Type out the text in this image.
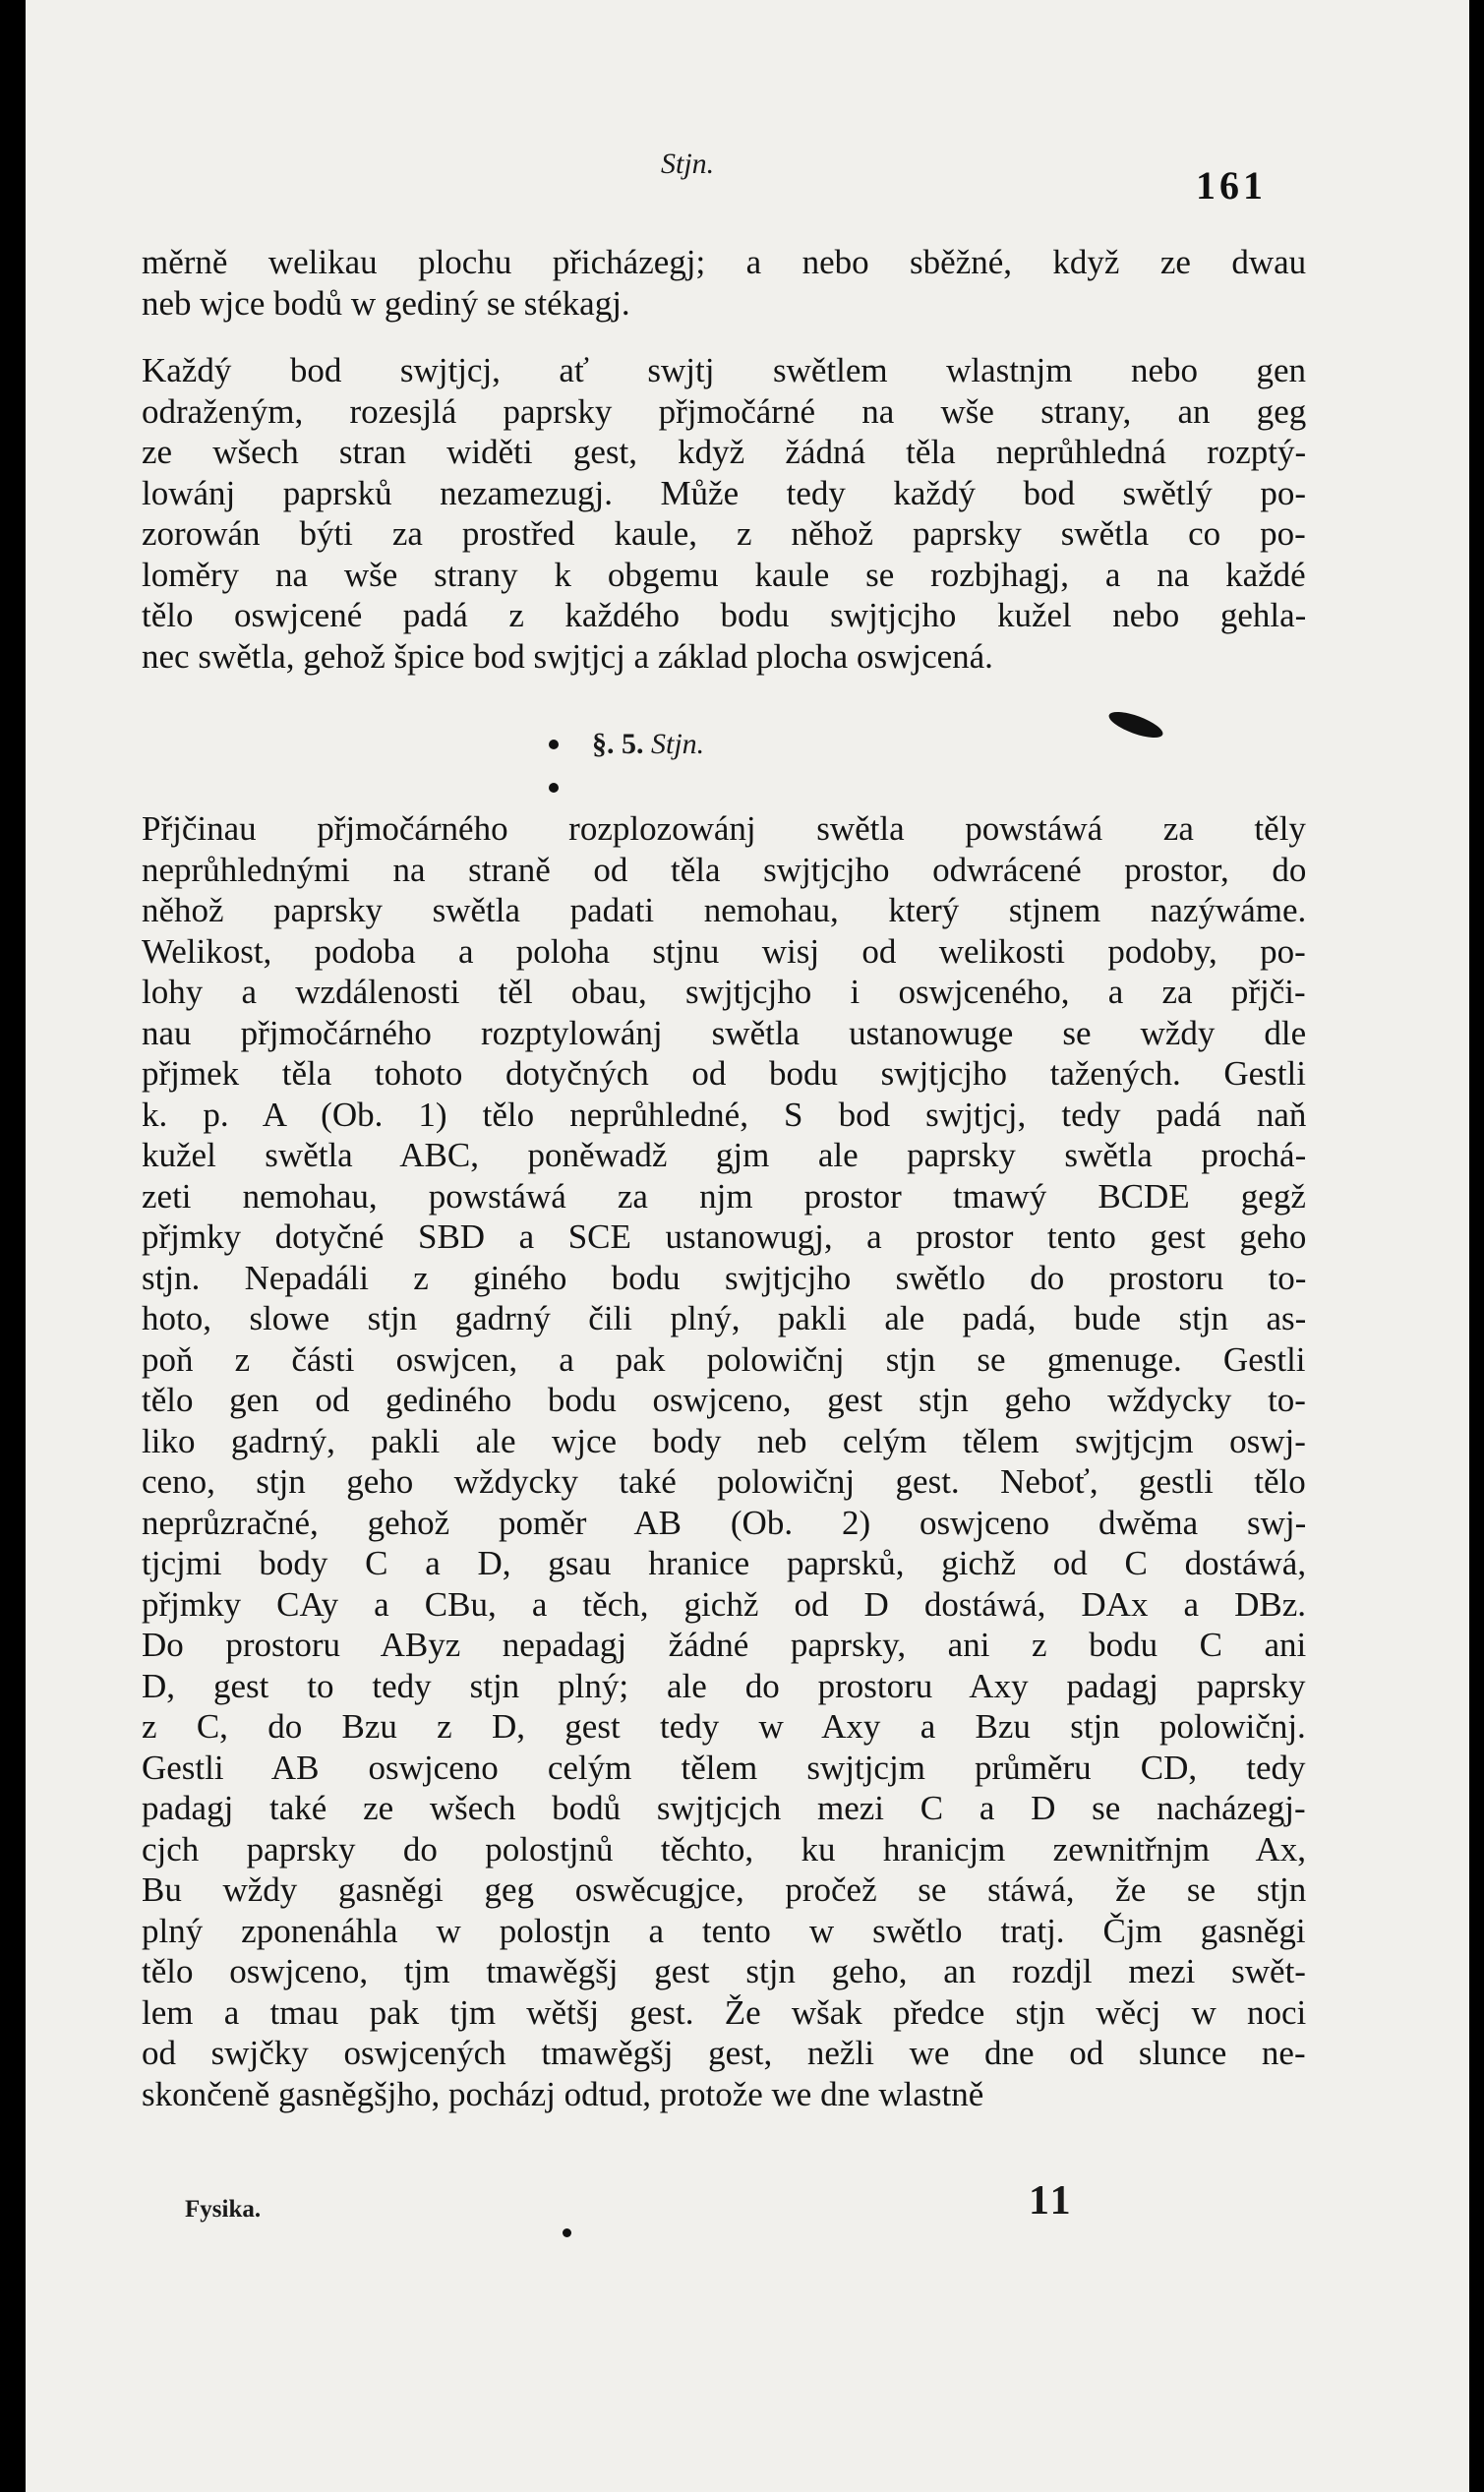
Stjn.	161
měrně welikau plochu přicházegj; a nebo sběžné, když ze dwau
neb wjce bodů w gediný se stékagj.
Každý bod swjtjcj, ať swjtj swětlem wlastnjm nebo gen
odraženým, rozesjlá paprsky přjmočárné na wše strany, an geg
ze wšech stran widěti gest, když žádná těla neprůhledná rozptý-
lowánj paprsků nezamezugj. Může tedy každý bod swětlý po-
zorowán býti za prostřed kaule, z něhož paprsky swětla co po-
loměry na wše strany k obgemu kaule se rozbjhagj, a na každé
tělo oswjcené padá z každého bodu swjtjcjho kužel nebo gehla-
nec swětla, gehož špice bod swjtjcj a základ plocha oswjcená.
§. 5. Stjn.
Přjčinau přjmočárného rozplozowánj swětla powstáwá za těly
neprůhlednými na straně od těla swjtjcjho odwrácené prostor, do
něhož paprsky swětla padati nemohau, který stjnem nazýwáme.
Welikost, podoba a poloha stjnu wisj od welikosti podoby, po-
lohy a wzdálenosti těl obau, swjtjcjho i oswjceného, a za přjči-
nau přjmočárného rozptylowánj swětla ustanowuge se wždy dle
přjmek těla tohoto dotyčných od bodu swjtjcjho tažených. Gestli
k. p. A (Ob. 1) tělo neprůhledné, S bod swjtjcj, tedy padá naň
kužel swětla ABC, poněwadž gjm ale paprsky swětla prochá-
zeti nemohau, powstáwá za njm prostor tmawý BCDE gegž
přjmky dotyčné SBD a SCE ustanowugj, a prostor tento gest geho
stjn. Nepadáli z giného bodu swjtjcjho swětlo do prostoru to-
hoto, slowe stjn gadrný čili plný, pakli ale padá, bude stjn as-
poň z části oswjcen, a pak polowičnj stjn se gmenuge. Gestli
tělo gen od gediného bodu oswjceno, gest stjn geho wždycky to-
liko gadrný, pakli ale wjce body neb celým tělem swjtjcjm oswj-
ceno, stjn geho wždycky také polowičnj gest. Neboť, gestli tělo
neprůzračné, gehož poměr AB (Ob. 2) oswjceno dwěma swj-
tjcjmi body C a D, gsau hranice paprsků, gichž od C dostáwá,
přjmky CAy a CBu, a těch, gichž od D dostáwá, DAx a DBz.
Do prostoru AByz nepadagj žádné paprsky, ani z bodu C ani
D, gest to tedy stjn plný; ale do prostoru Axy padagj paprsky
z C, do Bzu z D, gest tedy w Axy a Bzu stjn polowičnj.
Gestli AB oswjceno celým tělem swjtjcjm průměru CD, tedy
padagj také ze wšech bodů swjtjcjch mezi C a D se nacházegj-
cjch paprsky do polostjnů těchto, ku hranicjm zewnitřnjm Ax,
Bu wždy gasněgi geg oswěcugjce, pročež se stáwá, že se stjn
plný zponenáhla w polostjn a tento w swětlo tratj. Čjm gasněgi
tělo oswjceno, tjm tmawěgšj gest stjn geho, an rozdjl mezi swět-
lem a tmau pak tjm wětšj gest. Že wšak předce stjn wěcj w noci
od swjčky oswjcených tmawěgšj gest, nežli we dne od slunce ne-
skončeně gasněgšjho, pocházj odtud, protože we dne wlastně
Fysika.	11
